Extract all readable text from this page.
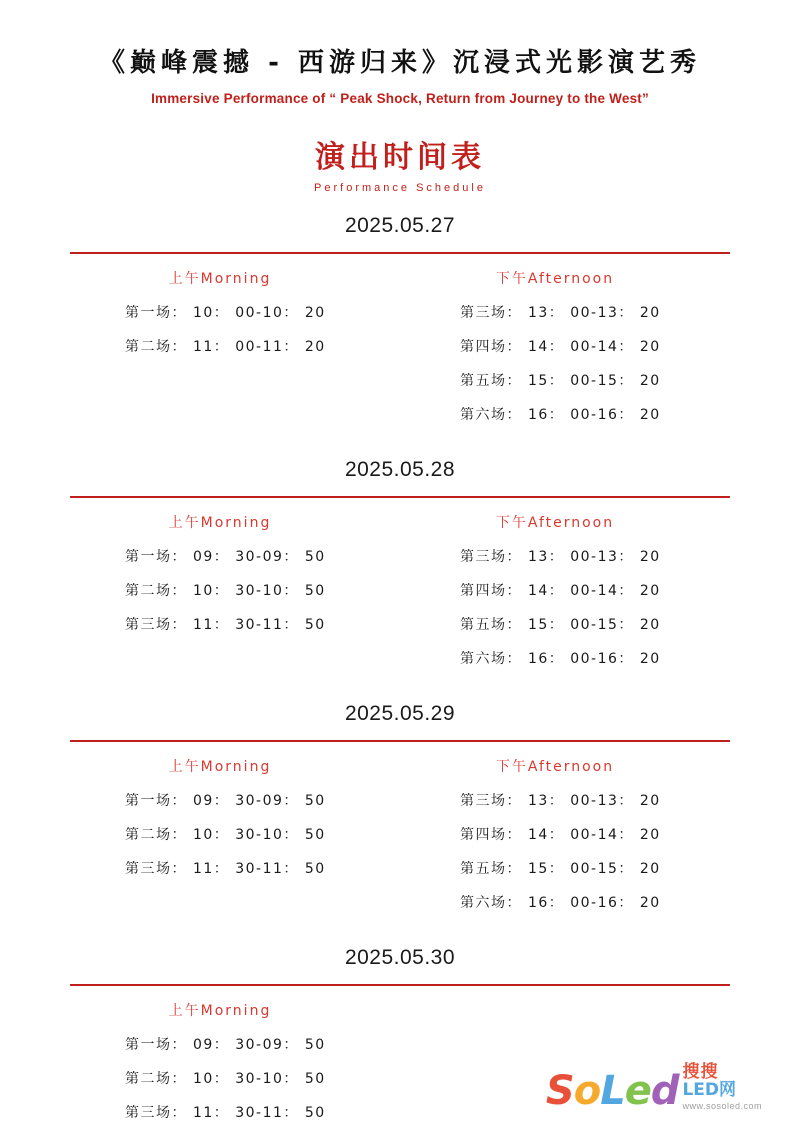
《巅峰震撼 - 西游归来》沉浸式光影演艺秀
Immersive Performance of “ Peak Shock, Return from Journey to the West”
演出时间表
Performance Schedule
2025.05.27
上午Morning
第一场： 10： 00-10： 20
第二场： 11： 00-11： 20
下午Afternoon
第三场： 13： 00-13： 20
第四场： 14： 00-14： 20
第五场： 15： 00-15： 20
第六场： 16： 00-16： 20
2025.05.28
上午Morning
第一场： 09： 30-09： 50
第二场： 10： 30-10： 50
第三场： 11： 30-11： 50
下午Afternoon
第三场： 13： 00-13： 20
第四场： 14： 00-14： 20
第五场： 15： 00-15： 20
第六场： 16： 00-16： 20
2025.05.29
上午Morning
第一场： 09： 30-09： 50
第二场： 10： 30-10： 50
第三场： 11： 30-11： 50
下午Afternoon
第三场： 13： 00-13： 20
第四场： 14： 00-14： 20
第五场： 15： 00-15： 20
第六场： 16： 00-16： 20
2025.05.30
上午Morning
第一场： 09： 30-09： 50
第二场： 10： 30-10： 50
第三场： 11： 30-11： 50	SoLed 搜搜
LED网
www.sosoled.com
